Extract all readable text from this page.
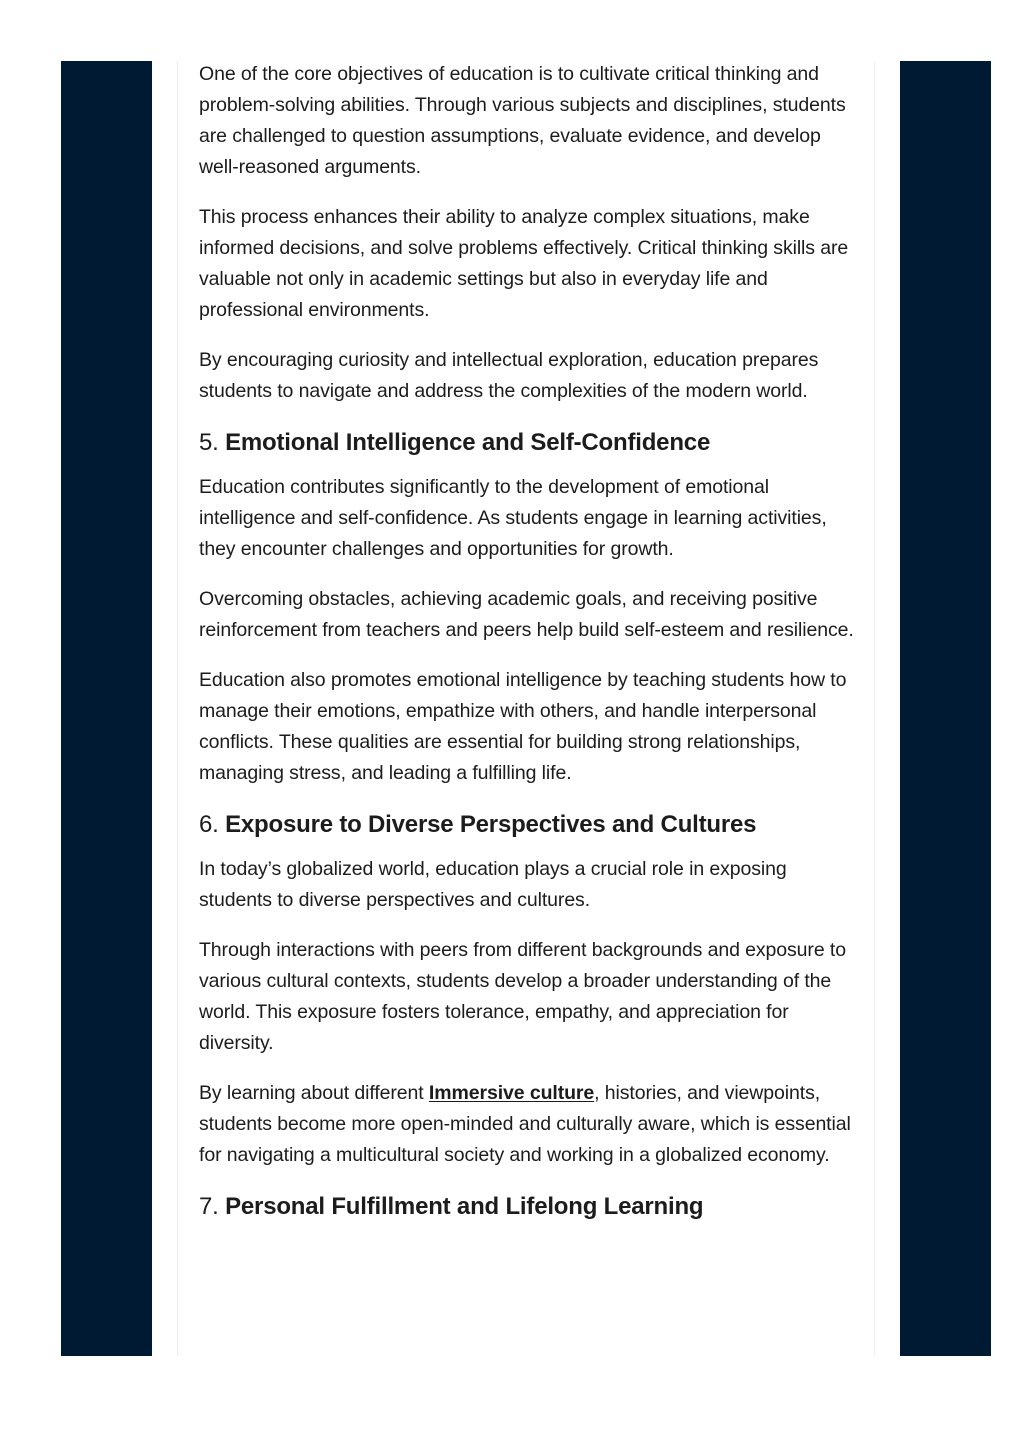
One of the core objectives of education is to cultivate critical thinking and problem-solving abilities. Through various subjects and disciplines, students are challenged to question assumptions, evaluate evidence, and develop well-reasoned arguments.

This process enhances their ability to analyze complex situations, make informed decisions, and solve problems effectively. Critical thinking skills are valuable not only in academic settings but also in everyday life and professional environments.

By encouraging curiosity and intellectual exploration, education prepares students to navigate and address the complexities of the modern world.

5. Emotional Intelligence and Self-Confidence

Education contributes significantly to the development of emotional intelligence and self-confidence. As students engage in learning activities, they encounter challenges and opportunities for growth.

Overcoming obstacles, achieving academic goals, and receiving positive reinforcement from teachers and peers help build self-esteem and resilience.

Education also promotes emotional intelligence by teaching students how to manage their emotions, empathize with others, and handle interpersonal conflicts. These qualities are essential for building strong relationships, managing stress, and leading a fulfilling life.

6. Exposure to Diverse Perspectives and Cultures

In today’s globalized world, education plays a crucial role in exposing students to diverse perspectives and cultures.

Through interactions with peers from different backgrounds and exposure to various cultural contexts, students develop a broader understanding of the world. This exposure fosters tolerance, empathy, and appreciation for diversity.

By learning about different Immersive culture, histories, and viewpoints, students become more open-minded and culturally aware, which is essential for navigating a multicultural society and working in a globalized economy.

7. Personal Fulfillment and Lifelong Learning
